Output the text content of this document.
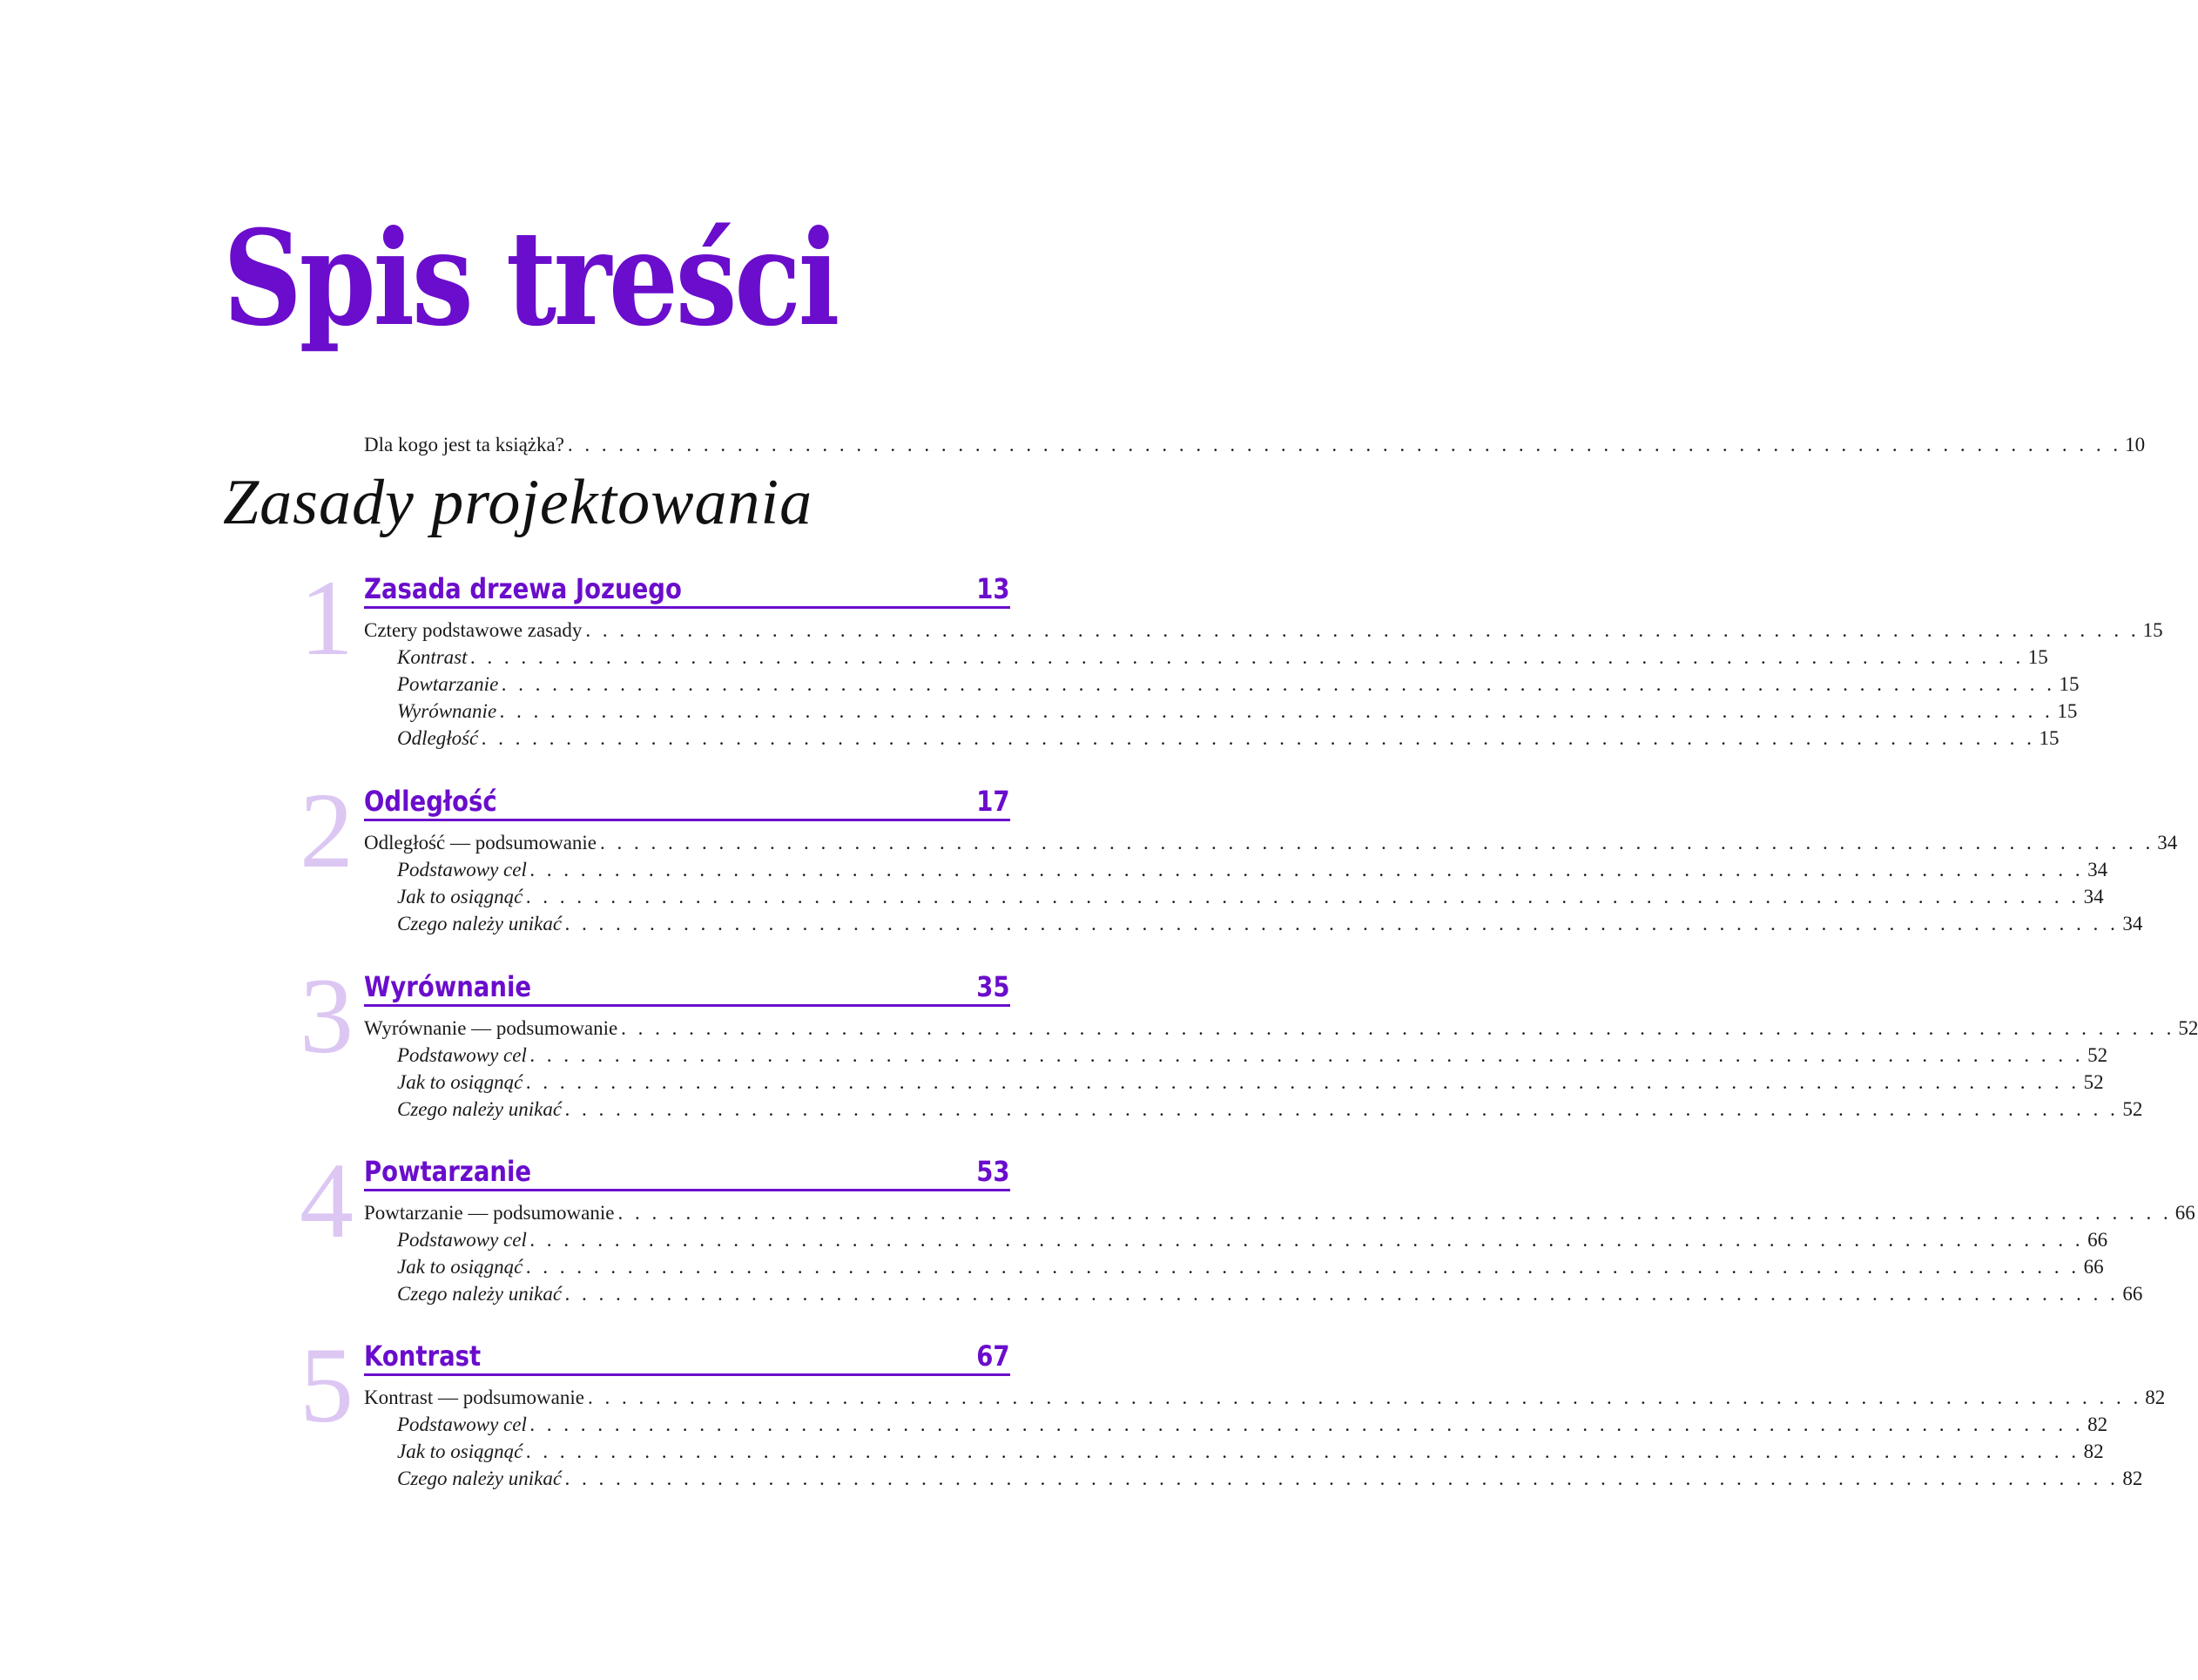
Spis treści
Dla kogo jest ta książka? . . . . . . . . . . . . . . . . . . . . . . . . . . . . . . . . . . . . . . . . . . . . . . . . . . . . . . . . . . . . . . . . . . . . . . . . . . . . . . . . . . . . . . . . . . . . 10
Zasady projektowania
1 Zasada drzewa Jozuego	13
Cztery podstawowe zasady . . . . . . . . . . . . . . . . . . . . . . . . . . . . . . . . . . . . . . . . . . . . . . . . . . . . . . . . . . . . . . . . . . . . . . . . . . . . . . . . . . . . . . . . . . . . 15
Kontrast . . . . . . . . . . . . . . . . . . . . . . . . . . . . . . . . . . . . . . . . . . . . . . . . . . . . . . . . . . . . . . . . . . . . . . . . . . . . . . . . . . . . . . . . . . . . 15
Powtarzanie . . . . . . . . . . . . . . . . . . . . . . . . . . . . . . . . . . . . . . . . . . . . . . . . . . . . . . . . . . . . . . . . . . . . . . . . . . . . . . . . . . . . . . . . . . . . 15
Wyrównanie . . . . . . . . . . . . . . . . . . . . . . . . . . . . . . . . . . . . . . . . . . . . . . . . . . . . . . . . . . . . . . . . . . . . . . . . . . . . . . . . . . . . . . . . . . . . 15
Odległość . . . . . . . . . . . . . . . . . . . . . . . . . . . . . . . . . . . . . . . . . . . . . . . . . . . . . . . . . . . . . . . . . . . . . . . . . . . . . . . . . . . . . . . . . . . . 15
2 Odległość	17
Odległość — podsumowanie . . . . . . . . . . . . . . . . . . . . . . . . . . . . . . . . . . . . . . . . . . . . . . . . . . . . . . . . . . . . . . . . . . . . . . . . . . . . . . . . . . . . . . . . . . . . 34
Podstawowy cel . . . . . . . . . . . . . . . . . . . . . . . . . . . . . . . . . . . . . . . . . . . . . . . . . . . . . . . . . . . . . . . . . . . . . . . . . . . . . . . . . . . . . . . . . . . . 34
Jak to osiągnąć . . . . . . . . . . . . . . . . . . . . . . . . . . . . . . . . . . . . . . . . . . . . . . . . . . . . . . . . . . . . . . . . . . . . . . . . . . . . . . . . . . . . . . . . . . . . 34
Czego należy unikać . . . . . . . . . . . . . . . . . . . . . . . . . . . . . . . . . . . . . . . . . . . . . . . . . . . . . . . . . . . . . . . . . . . . . . . . . . . . . . . . . . . . . . . . . . . . 34
3 Wyrównanie	35
Wyrównanie — podsumowanie . . . . . . . . . . . . . . . . . . . . . . . . . . . . . . . . . . . . . . . . . . . . . . . . . . . . . . . . . . . . . . . . . . . . . . . . . . . . . . . . . . . . . . . . . . . . 52
Podstawowy cel . . . . . . . . . . . . . . . . . . . . . . . . . . . . . . . . . . . . . . . . . . . . . . . . . . . . . . . . . . . . . . . . . . . . . . . . . . . . . . . . . . . . . . . . . . . . 52
Jak to osiągnąć . . . . . . . . . . . . . . . . . . . . . . . . . . . . . . . . . . . . . . . . . . . . . . . . . . . . . . . . . . . . . . . . . . . . . . . . . . . . . . . . . . . . . . . . . . . . 52
Czego należy unikać . . . . . . . . . . . . . . . . . . . . . . . . . . . . . . . . . . . . . . . . . . . . . . . . . . . . . . . . . . . . . . . . . . . . . . . . . . . . . . . . . . . . . . . . . . . . 52
4 Powtarzanie	53
Powtarzanie — podsumowanie . . . . . . . . . . . . . . . . . . . . . . . . . . . . . . . . . . . . . . . . . . . . . . . . . . . . . . . . . . . . . . . . . . . . . . . . . . . . . . . . . . . . . . . . . . . . 66
Podstawowy cel . . . . . . . . . . . . . . . . . . . . . . . . . . . . . . . . . . . . . . . . . . . . . . . . . . . . . . . . . . . . . . . . . . . . . . . . . . . . . . . . . . . . . . . . . . . . 66
Jak to osiągnąć . . . . . . . . . . . . . . . . . . . . . . . . . . . . . . . . . . . . . . . . . . . . . . . . . . . . . . . . . . . . . . . . . . . . . . . . . . . . . . . . . . . . . . . . . . . . 66
Czego należy unikać . . . . . . . . . . . . . . . . . . . . . . . . . . . . . . . . . . . . . . . . . . . . . . . . . . . . . . . . . . . . . . . . . . . . . . . . . . . . . . . . . . . . . . . . . . . . 66
5 Kontrast	67
Kontrast — podsumowanie . . . . . . . . . . . . . . . . . . . . . . . . . . . . . . . . . . . . . . . . . . . . . . . . . . . . . . . . . . . . . . . . . . . . . . . . . . . . . . . . . . . . . . . . . . . . 82
Podstawowy cel . . . . . . . . . . . . . . . . . . . . . . . . . . . . . . . . . . . . . . . . . . . . . . . . . . . . . . . . . . . . . . . . . . . . . . . . . . . . . . . . . . . . . . . . . . . . 82
Jak to osiągnąć . . . . . . . . . . . . . . . . . . . . . . . . . . . . . . . . . . . . . . . . . . . . . . . . . . . . . . . . . . . . . . . . . . . . . . . . . . . . . . . . . . . . . . . . . . . . 82
Czego należy unikać . . . . . . . . . . . . . . . . . . . . . . . . . . . . . . . . . . . . . . . . . . . . . . . . . . . . . . . . . . . . . . . . . . . . . . . . . . . . . . . . . . . . . . . . . . . . 82
